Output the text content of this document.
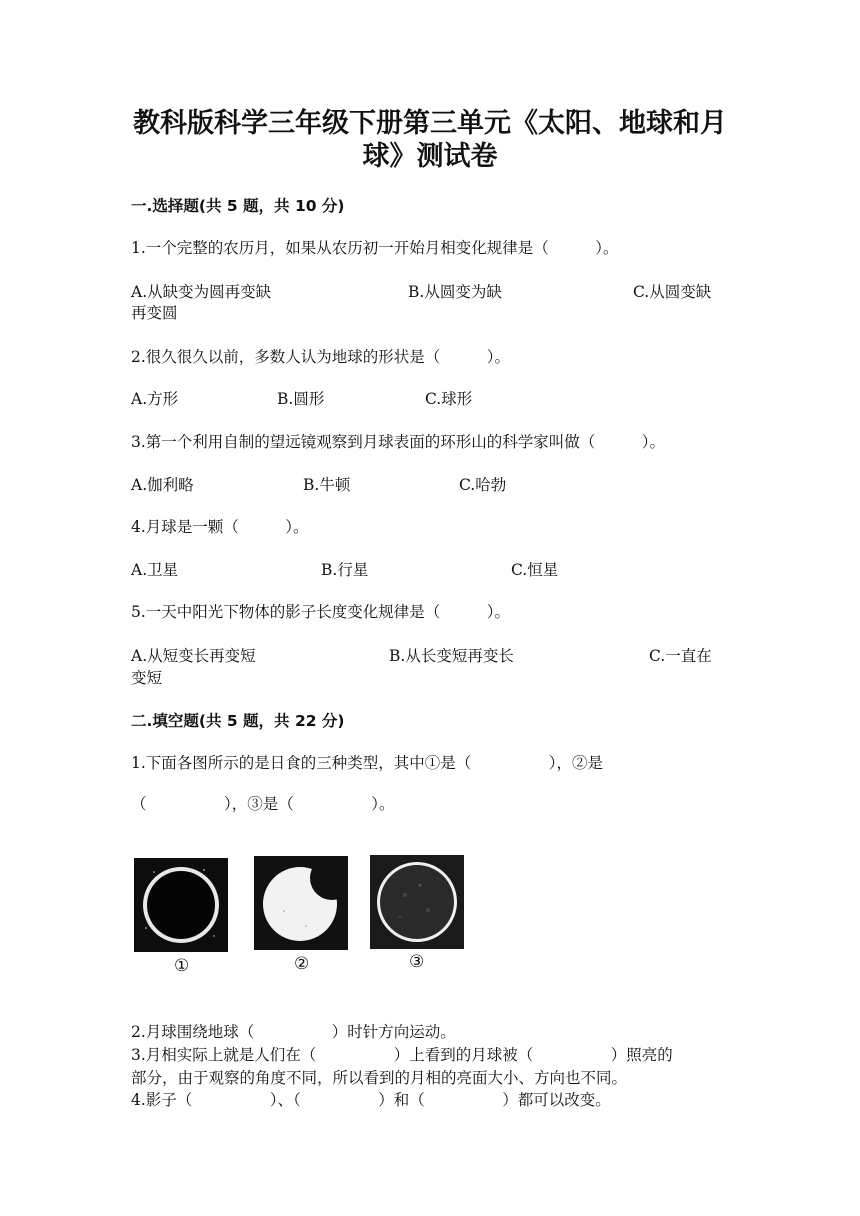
教科版科学三年级下册第三单元《太阳、地球和月
球》测试卷
一.选择题(共 5 题，共 10 分)
1.一个完整的农历月，如果从农历初一开始月相变化规律是（　　　）。
A.从缺变为圆再变缺	B.从圆变为缺	C.从圆变缺
再变圆
2.很久很久以前，多数人认为地球的形状是（　　　）。
A.方形	B.圆形	C.球形
3.第一个利用自制的望远镜观察到月球表面的环形山的科学家叫做（　　　）。
A.伽利略	B.牛顿	C.哈勃
4.月球是一颗（　　　）。
A.卫星	B.行星	C.恒星
5.一天中阳光下物体的影子长度变化规律是（　　　）。
A.从短变长再变短	B.从长变短再变长	C.一直在
变短
二.填空题(共 5 题，共 22 分)
1.下面各图所示的是日食的三种类型，其中①是（　　　　　），②是
（　　　　　），③是（　　　　　）。
①	②	③
2.月球围绕地球（　　　　　）时针方向运动。
3.月相实际上就是人们在（　　　　　）上看到的月球被（　　　　　）照亮的
部分，由于观察的角度不同，所以看到的月相的亮面大小、方向也不同。
4.影子（　　　　　）、（　　　　　）和（　　　　　）都可以改变。
